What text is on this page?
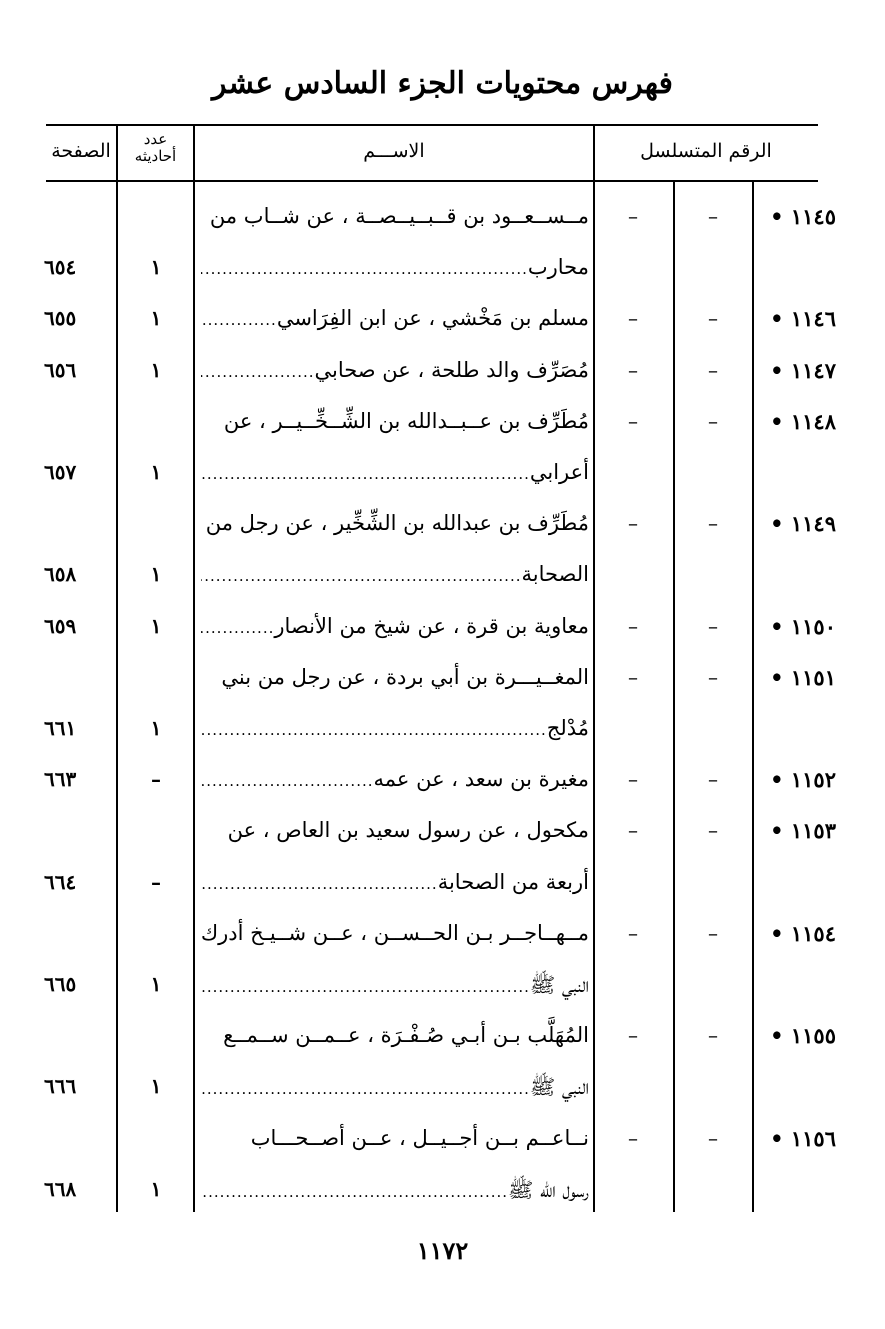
فهرس محتويات الجزء السادس عشر
الرقم المتسلسل
الاســـم
عدد
أحاديثه
الصفحة
١١٤٥ •
–
–
مــســعــود بن قــبــيــصــة ، عن شــاب من
محارب
.....
١
٦٥٤
١١٤٦ •
–
–
مسلم بن مَخْشي ، عن ابن الفِرَاسي
.....
١
٦٥٥
١١٤٧ •
–
–
مُصَرِّف والد طلحة ، عن صحابي
.....
١
٦٥٦
١١٤٨ •
–
–
مُطَرِّف بن عــبــدالله بن الشِّــخِّــيــر ، عن
أعرابي
.....
١
٦٥٧
١١٤٩ •
–
–
مُطَرِّف بن عبدالله بن الشِّخِّير ، عن رجل من
الصحابة
.....
١
٦٥٨
١١٥٠ •
–
–
معاوية بن قرة ، عن شيخ من الأنصار
.....
١
٦٥٩
١١٥١ •
–
–
المغــيـــرة بن أبي بردة ، عن رجل من بني
مُدْلج
.....
١
٦٦١
١١٥٢ •
–
–
مغيرة بن سعد ، عن عمه
.....
–
٦٦٣
١١٥٣ •
–
–
مكحول ، عن رسول سعيد بن العاص ، عن
أربعة من الصحابة
.....
–
٦٦٤
١١٥٤ •
–
–
مــهــاجــر بـن الحــســن ، عــن شــيـخ أدرك
النبي ﷺ
.....
١
٦٦٥
١١٥٥ •
–
–
المُهَلَّب بـن أبـي صُـفْـرَة ، عــمــن ســمــع
النبي ﷺ
.....
١
٦٦٦
١١٥٦ •
–
–
نــاعــم بــن أجــيــل ، عــن أصــحـــاب
رسول الله ﷺ
.....
١
٦٦٨
١١٧٢
